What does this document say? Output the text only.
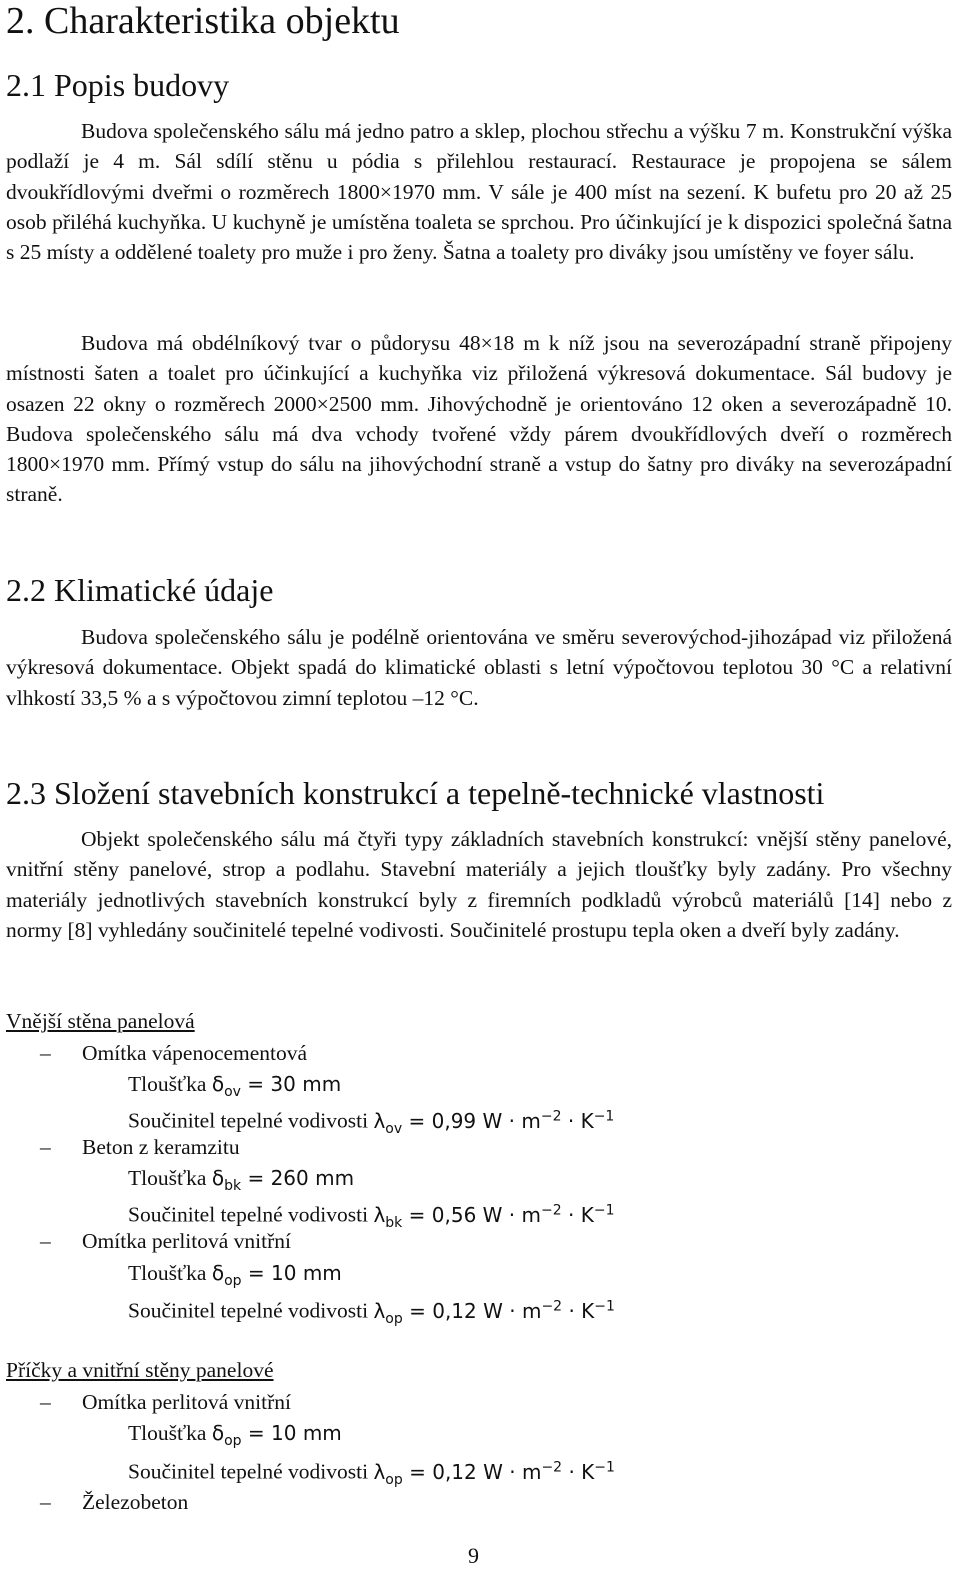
2. Charakteristika objektu
2.1 Popis budovy

Budova společenského sálu má jedno patro a sklep, plochou střechu a výšku 7 m. Konstrukční výška podlaží je 4 m. Sál sdílí stěnu u pódia s přilehlou restaurací. Restaurace je propojena se sálem dvoukřídlovými dveřmi o rozměrech 1800×1970 mm. V sále je 400 míst na sezení. K bufetu pro 20 až 25 osob přiléhá kuchyňka. U kuchyně je umístěna toaleta se sprchou. Pro účinkující je k dispozici společná šatna s 25 místy a oddělené toalety pro muže i pro ženy. Šatna a toalety pro diváky jsou umístěny ve foyer sálu.

Budova má obdélníkový tvar o půdorysu 48×18 m k níž jsou na severozápadní straně připojeny místnosti šaten a toalet pro účinkující a kuchyňka viz přiložená výkresová dokumentace. Sál budovy je osazen 22 okny o rozměrech 2000×2500 mm. Jihovýchodně je orientováno 12 oken a severozápadně 10. Budova společenského sálu má dva vchody tvořené vždy párem dvoukřídlových dveří o rozměrech 1800×1970 mm. Přímý vstup do sálu na jihovýchodní straně a vstup do šatny pro diváky na severozápadní straně.

2.2 Klimatické údaje

Budova společenského sálu je podélně orientována ve směru severovýchod-jihozápad viz přiložená výkresová dokumentace. Objekt spadá do klimatické oblasti s letní výpočtovou teplotou 30 °C a relativní vlhkostí 33,5 % a s výpočtovou zimní teplotou –12 °C.

2.3 Složení stavebních konstrukcí a tepelně-technické vlastnosti

Objekt společenského sálu má čtyři typy základních stavebních konstrukcí: vnější stěny panelové, vnitřní stěny panelové, strop a podlahu. Stavební materiály a jejich tloušťky byly zadány. Pro všechny materiály jednotlivých stavebních konstrukcí byly z firemních podkladů výrobců materiálů [14] nebo z normy [8] vyhledány součinitelé tepelné vodivosti. Součinitelé prostupu tepla oken a dveří byly zadány.

Vnější stěna panelová
– Omítka vápenocementová
Tloušťka $\delta_{ov} = 30$ mm
Součinitel tepelné vodivosti $\lambda_{ov} = 0,99$ $W \cdot m^{-2} \cdot K^{-1}$
– Beton z keramzitu
Tloušťka $\delta_{bk} = 260$ mm
Součinitel tepelné vodivosti $\lambda_{bk} = 0,56$ $W \cdot m^{-2} \cdot K^{-1}$
– Omítka perlitová vnitřní
Tloušťka $\delta_{op} = 10$ mm
Součinitel tepelné vodivosti $\lambda_{op} = 0,12$ $W \cdot m^{-2} \cdot K^{-1}$
Příčky a vnitřní stěny panelové
– Omítka perlitová vnitřní
Tloušťka $\delta_{op} = 10$ mm
Součinitel tepelné vodivosti $\lambda_{op} = 0,12$ $W \cdot m^{-2} \cdot K^{-1}$
– Železobeton
9
